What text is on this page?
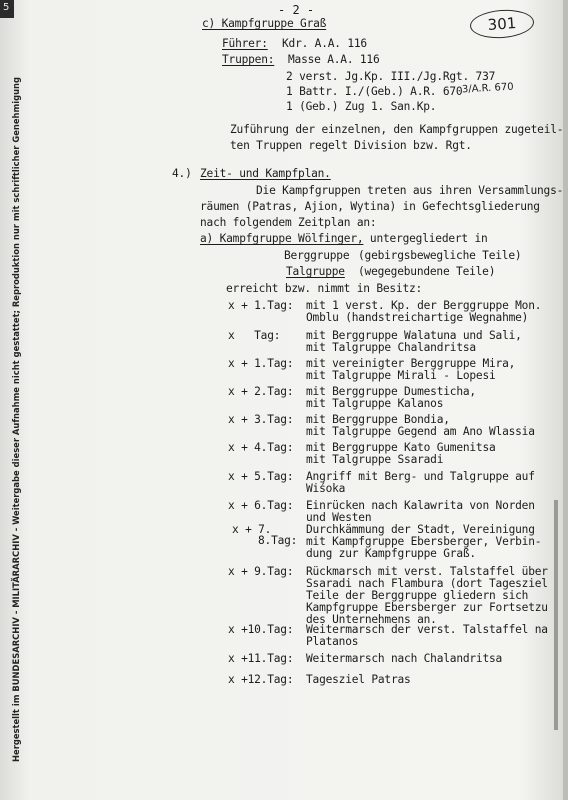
5	- 2 -
301
Hergestellt im BUNDESARCHIV - MILITÄRARCHIV - Weitergabe dieser Aufnahme nicht gestattet; Reproduktion nur mit schriftlicher Genehmigung
c) Kampfgruppe Graß
Führer: Kdr. A.A. 116
Truppen: Masse A.A. 116
2 verst. Jg.Kp. III./Jg.Rgt. 737
1 Battr. I./(Geb.) A.R. 670
1 (Geb.) Zug 1. San.Kp.
3/A.R. 670
Zuführung der einzelnen, den Kampfgruppen zugeteil-
ten Truppen regelt Division bzw. Rgt.
4.) Zeit- und Kampfplan.
Die Kampfgruppen treten aus ihren Versammlungs-
räumen (Patras, Ajion, Wytina) in Gefechtsgliederung
nach folgendem Zeitplan an:
a) Kampfgruppe Wölfinger, untergegliedert in
Berggruppe (gebirgsbewegliche Teile)
Talgruppe (wegegebundene Teile)
erreicht bzw. nimmt in Besitz:
x + 1.Tag: mit 1 verst. Kp. der Berggruppe Mon.
Omblu (handstreichartige Wegnahme)
x   Tag: mit Berggruppe Walatuna und Sali,
mit Talgruppe Chalandritsa
x + 1.Tag: mit vereinigter Berggruppe Mira,
mit Talgruppe Mirali - Lopesi
x + 2.Tag: mit Berggruppe Dumesticha,
mit Talgruppe Kalanos
x + 3.Tag: mit Berggruppe Bondia,
mit Talgruppe Gegend am Ano Wlassia
x + 4.Tag: mit Berggruppe Kato Gumenitsa
mit Talgruppe Ssaradi
x + 5.Tag: Angriff mit Berg- und Talgruppe auf
Wiśoka
x + 6.Tag: Einrücken nach Kalawrita von Norden
und Westen
x + 7.
8.Tag:
Durchkämmung der Stadt, Vereinigung
mit Kampfgruppe Ebersberger, Verbin-
dung zur Kampfgruppe Graß.
x + 9.Tag: Rückmarsch mit verst. Talstaffel über
Ssaradi nach Flambura (dort Tagesziel
Teile der Berggruppe gliedern sich
Kampfgruppe Ebersberger zur Fortsetzu
des Unternehmens an.
x +10.Tag: Weitermarsch der verst. Talstaffel na
Platanos
x +11.Tag: Weitermarsch nach Chalandritsa
x +12.Tag: Tagesziel Patras
